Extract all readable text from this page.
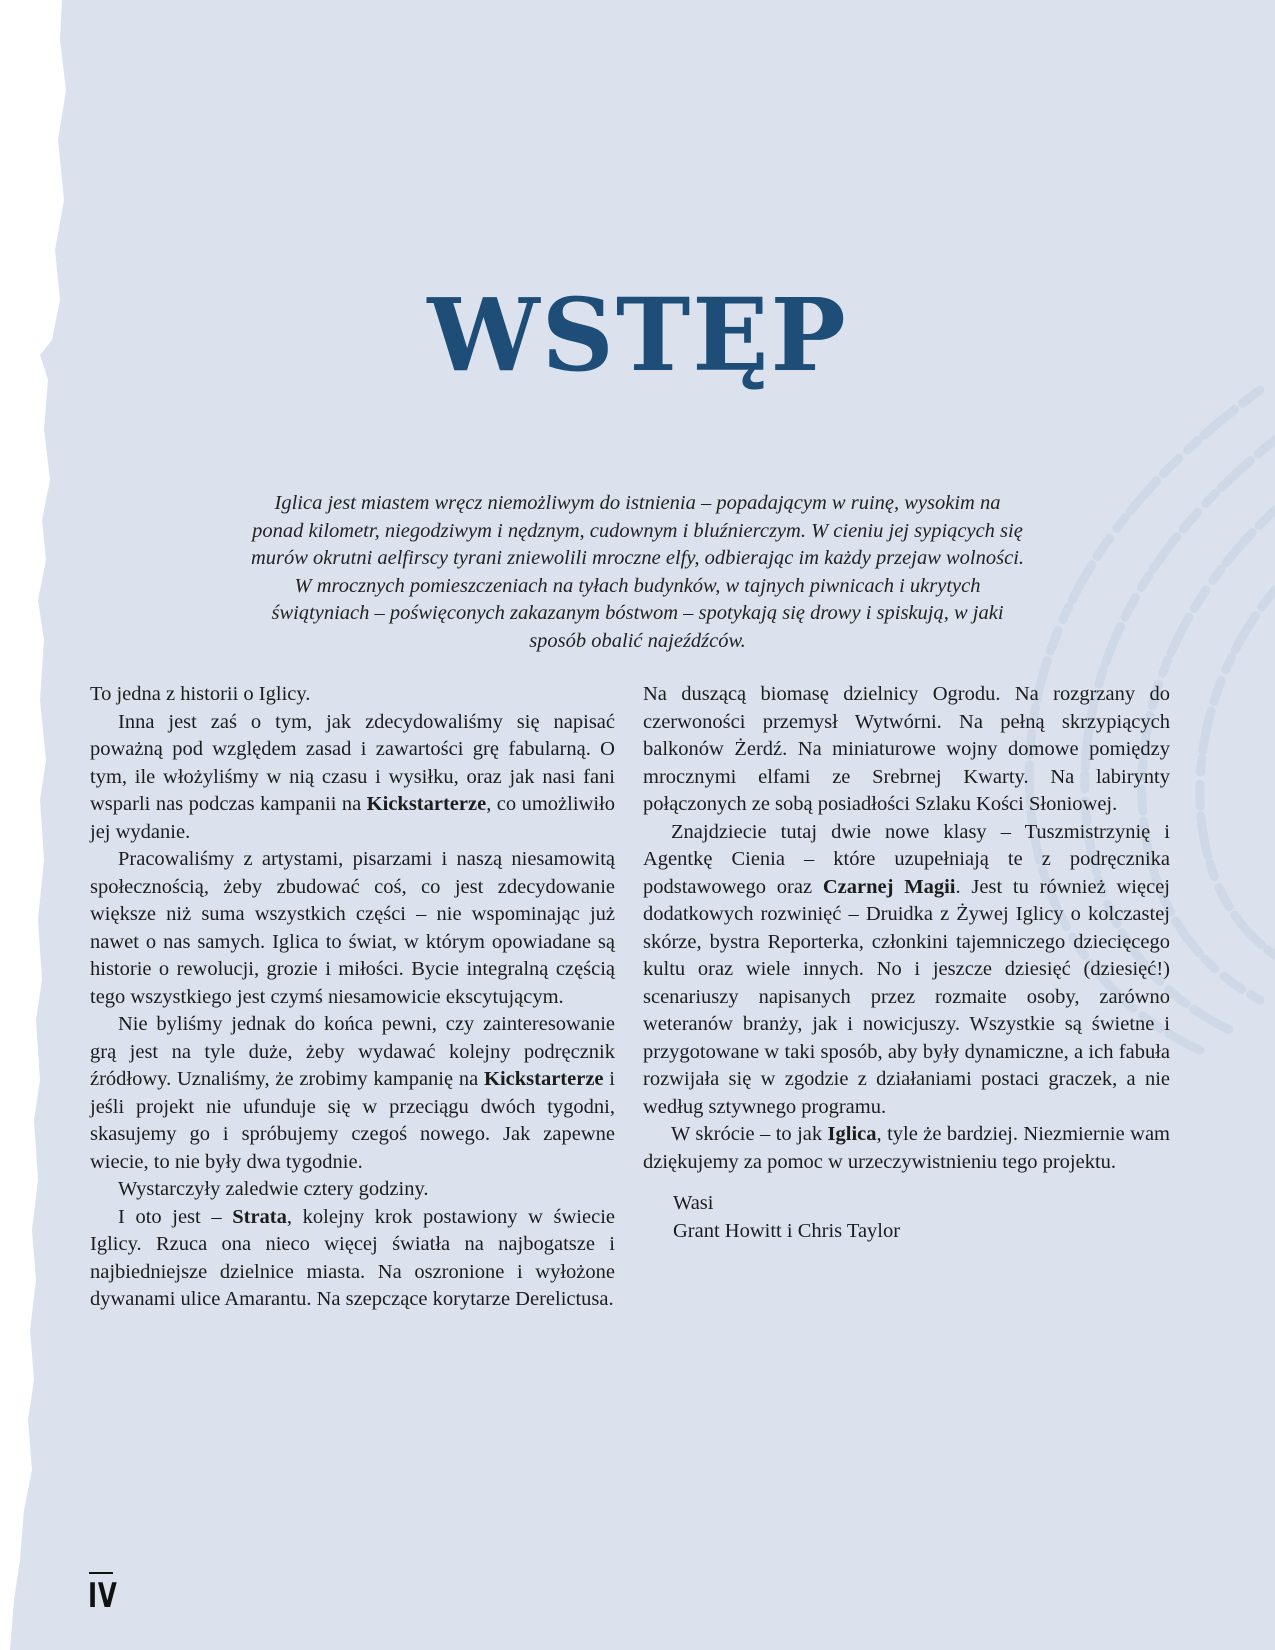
WSTĘP

Iglica jest miastem wręcz niemożliwym do istnienia – popadającym w ruinę, wysokim na ponad kilometr, niegodziwym i nędznym, cudownym i bluźnierczym. W cieniu jej sypiących się murów okrutni aelfirscy tyrani zniewolili mroczne elfy, odbierając im każdy przejaw wolności. W mrocznych pomieszczeniach na tyłach budynków, w tajnych piwnicach i ukrytych świątyniach – poświęconych zakazanym bóstwom – spotykają się drowy i spiskują, w jaki sposób obalić najeźdźców.

To jedna z historii o Iglicy.

Inna jest zaś o tym, jak zdecydowaliśmy się napisać poważną pod względem zasad i zawartości grę fabularną. O tym, ile włożyliśmy w nią czasu i wysiłku, oraz jak nasi fani wsparli nas podczas kampanii na Kickstarterze, co umożliwiło jej wydanie.

Pracowaliśmy z artystami, pisarzami i naszą niesamowitą społecznością, żeby zbudować coś, co jest zdecydowanie większe niż suma wszystkich części – nie wspominając już nawet o nas samych. Iglica to świat, w którym opowiadane są historie o rewolucji, grozie i miłości. Bycie integralną częścią tego wszystkiego jest czymś niesamowicie ekscytującym.

Nie byliśmy jednak do końca pewni, czy zainteresowanie grą jest na tyle duże, żeby wydawać kolejny podręcznik źródłowy. Uznaliśmy, że zrobimy kampanię na Kickstarterze i jeśli projekt nie ufunduje się w przeciągu dwóch tygodni, skasujemy go i spróbujemy czegoś nowego. Jak zapewne wiecie, to nie były dwa tygodnie.

Wystarczyły zaledwie cztery godziny.

I oto jest – Strata, kolejny krok postawiony w świecie Iglicy. Rzuca ona nieco więcej światła na najbogatsze i najbiedniejsze dzielnice miasta. Na oszronione i wyłożone dywanami ulice Amarantu. Na szepczące korytarze Derelictusa.

Na duszącą biomasę dzielnicy Ogrodu. Na rozgrzany do czerwoności przemysł Wytwórni. Na pełną skrzypiących balkonów Żerdź. Na miniaturowe wojny domowe pomiędzy mrocznymi elfami ze Srebrnej Kwarty. Na labirynty połączonych ze sobą posiadłości Szlaku Kości Słoniowej.

Znajdziecie tutaj dwie nowe klasy – Tuszmistrzynię i Agentkę Cienia – które uzupełniają te z podręcznika podstawowego oraz Czarnej Magii. Jest tu również więcej dodatkowych rozwinięć – Druidka z Żywej Iglicy o kolczastej skórze, bystra Reporterka, członkini tajemniczego dziecięcego kultu oraz wiele innych. No i jeszcze dziesięć (dziesięć!) scenariuszy napisanych przez rozmaite osoby, zarówno weteranów branży, jak i nowicjuszy. Wszystkie są świetne i przygotowane w taki sposób, aby były dynamiczne, a ich fabuła rozwijała się w zgodzie z działaniami postaci graczek, a nie według sztywnego programu.

W skrócie – to jak Iglica, tyle że bardziej. Niezmiernie wam dziękujemy za pomoc w urzeczywistnieniu tego projektu.

Wasi
Grant Howitt i Chris Taylor
IV
